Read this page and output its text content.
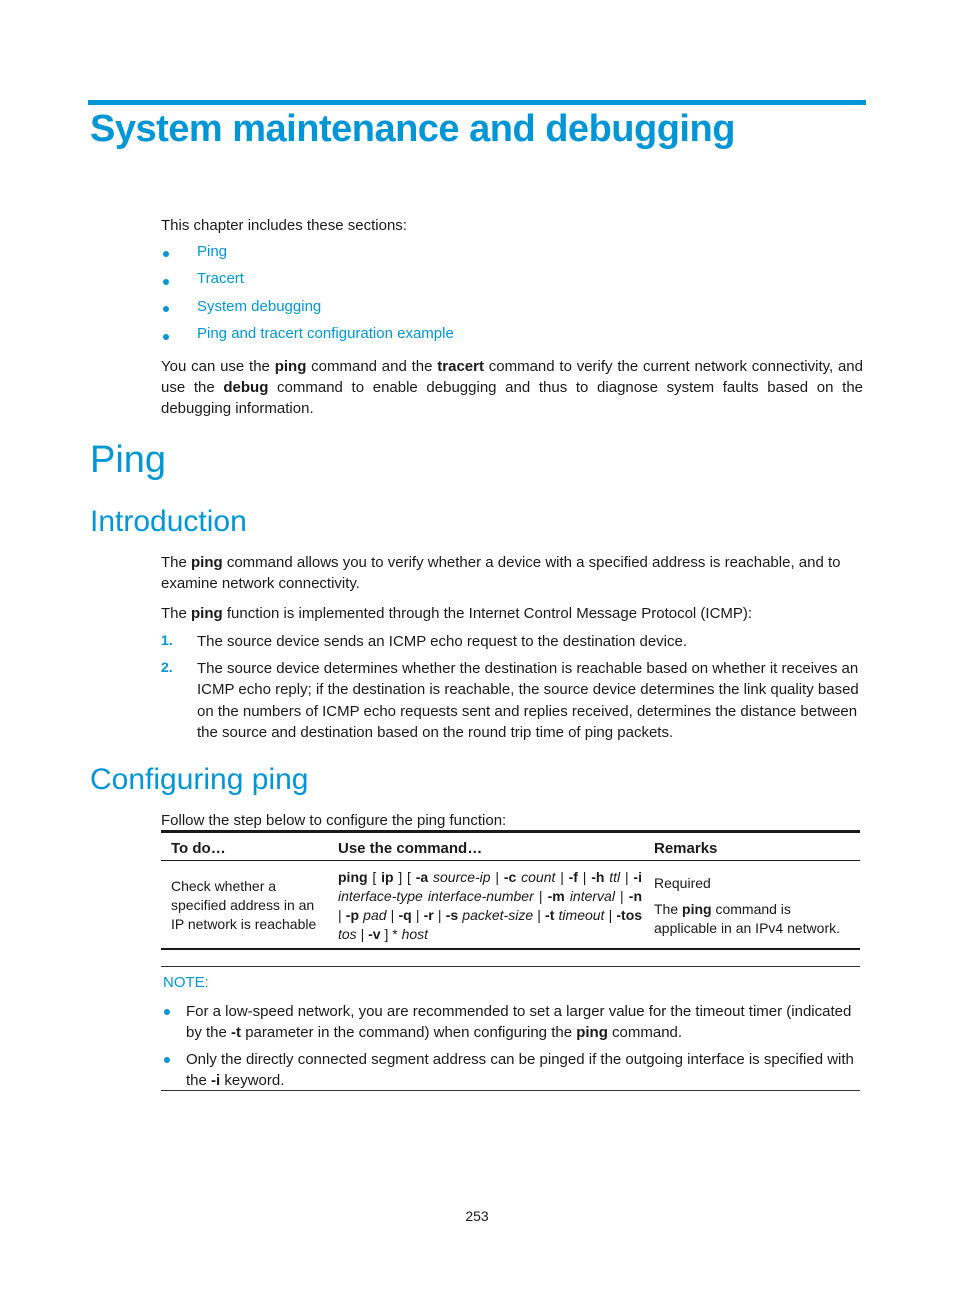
System maintenance and debugging
This chapter includes these sections:
Ping
Tracert
System debugging
Ping and tracert configuration example
You can use the ping command and the tracert command to verify the current network connectivity, and use the debug command to enable debugging and thus to diagnose system faults based on the debugging information.
Ping
Introduction
The ping command allows you to verify whether a device with a specified address is reachable, and to examine network connectivity.
The ping function is implemented through the Internet Control Message Protocol (ICMP):
1. The source device sends an ICMP echo request to the destination device.
2. The source device determines whether the destination is reachable based on whether it receives an ICMP echo reply; if the destination is reachable, the source device determines the link quality based on the numbers of ICMP echo requests sent and replies received, determines the distance between the source and destination based on the round trip time of ping packets.
Configuring ping
Follow the step below to configure the ping function:
To do…	Use the command…	Remarks
Check whether a specified address in an IP network is reachable
ping [ ip ] [ -a source-ip | -c count | -f | -h ttl | -i interface-type interface-number | -m interval | -n | -p pad | -q | -r | -s packet-size | -t timeout | -tos tos | -v ] * host
Required
The ping command is applicable in an IPv4 network.
NOTE:
For a low-speed network, you are recommended to set a larger value for the timeout timer (indicated by the -t parameter in the command) when configuring the ping command.
Only the directly connected segment address can be pinged if the outgoing interface is specified with the -i keyword.
253
